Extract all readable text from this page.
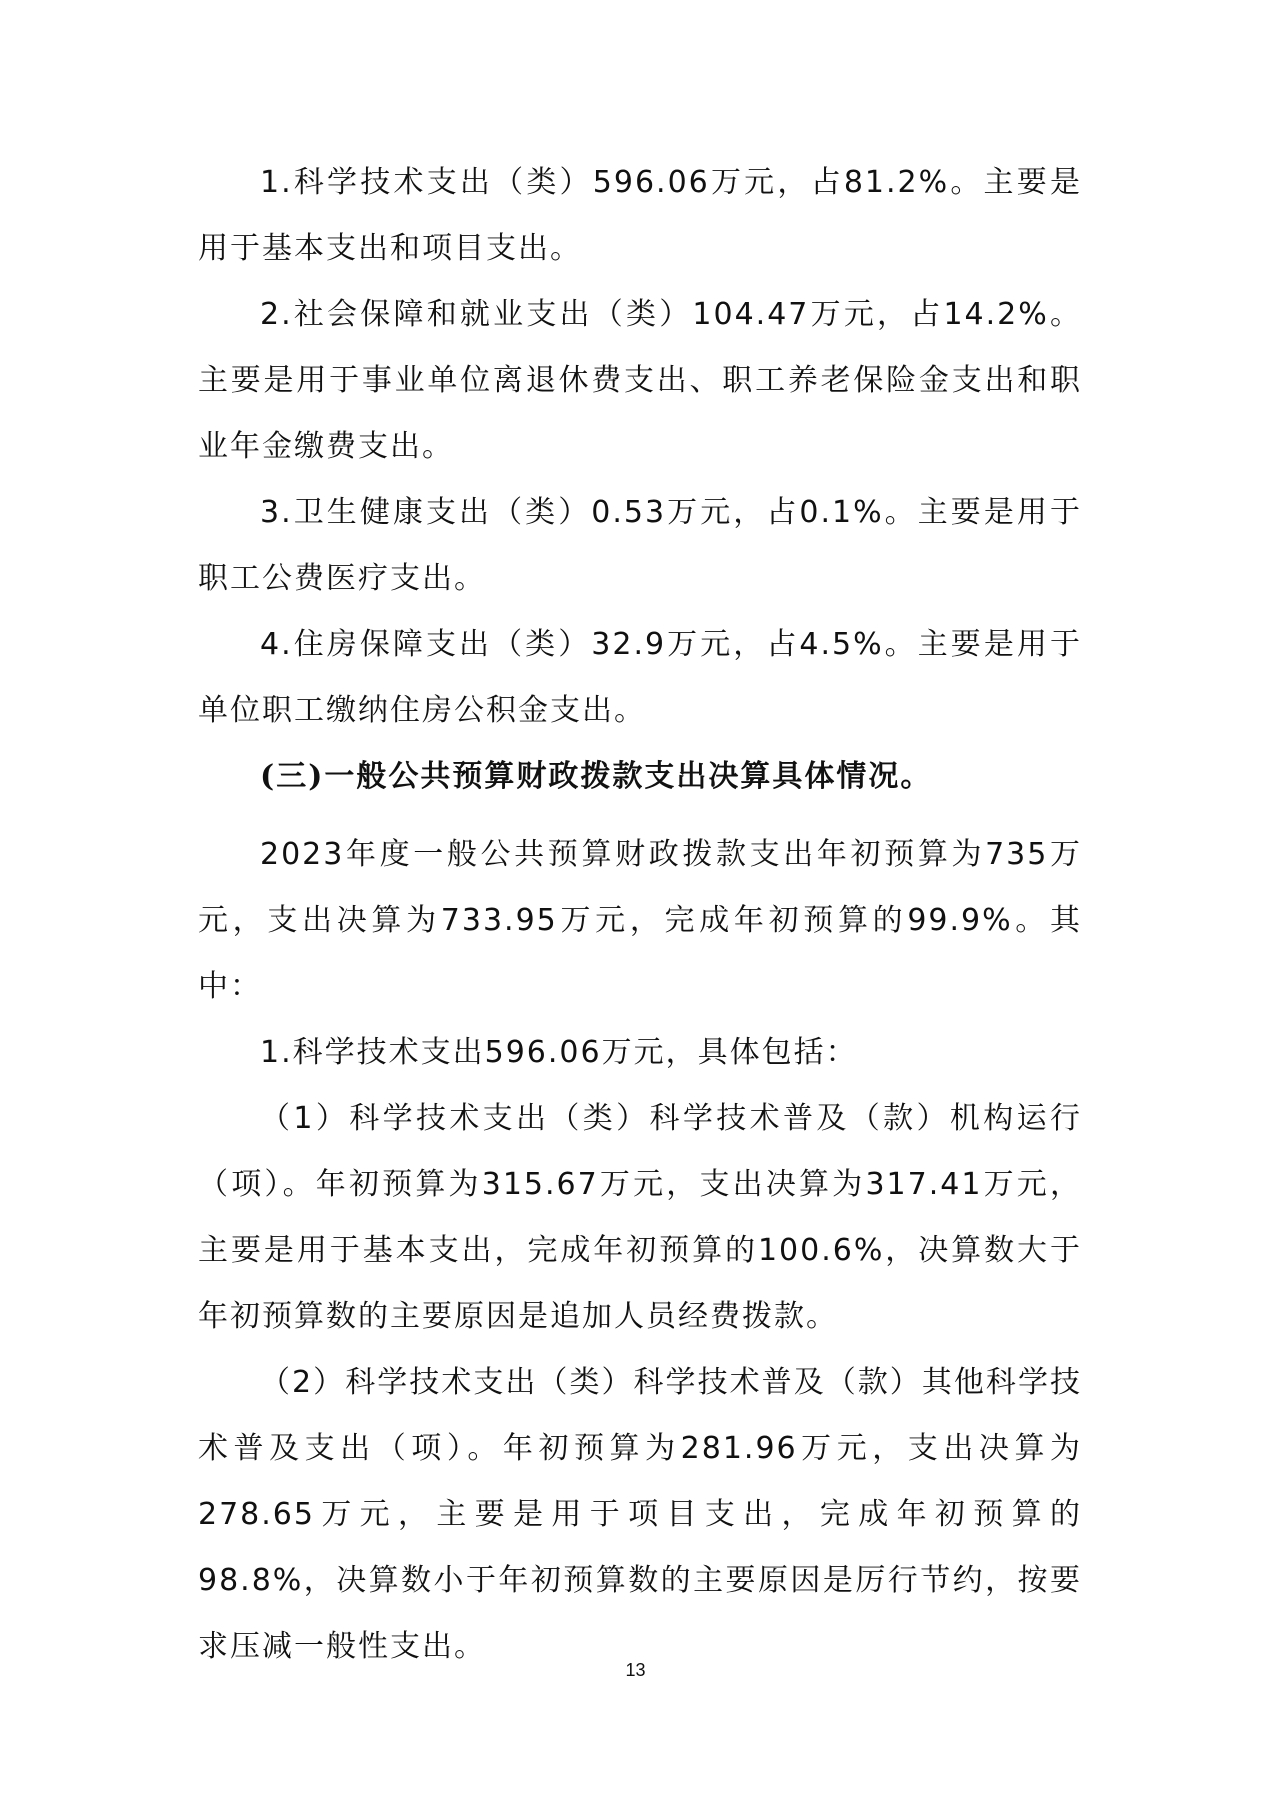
1.科学技术支出（类）596.06万元，占81.2%。主要是用于基本支出和项目支出。

2.社会保障和就业支出（类）104.47万元，占14.2%。主要是用于事业单位离退休费支出、职工养老保险金支出和职业年金缴费支出。

3.卫生健康支出（类）0.53万元，占0.1%。主要是用于职工公费医疗支出。

4.住房保障支出（类）32.9万元，占4.5%。主要是用于单位职工缴纳住房公积金支出。

(三)一般公共预算财政拨款支出决算具体情况。

2023年度一般公共预算财政拨款支出年初预算为735万元，支出决算为733.95万元，完成年初预算的99.9%。其中：

1.科学技术支出596.06万元，具体包括：

（1）科学技术支出（类）科学技术普及（款）机构运行（项）。年初预算为315.67万元，支出决算为317.41万元，主要是用于基本支出，完成年初预算的100.6%，决算数大于年初预算数的主要原因是追加人员经费拨款。

（2）科学技术支出（类）科学技术普及（款）其他科学技术普及支出（项）。年初预算为281.96万元，支出决算为278.65万元，主要是用于项目支出，完成年初预算的98.8%，决算数小于年初预算数的主要原因是厉行节约，按要求压减一般性支出。

13
